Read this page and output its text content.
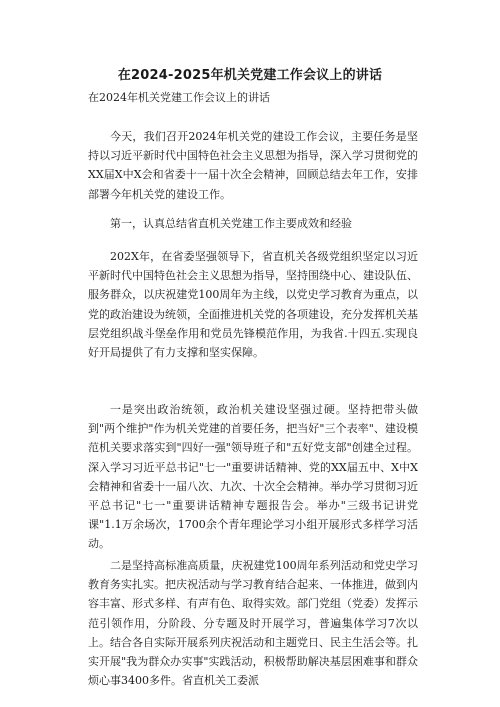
在2024-2025年机关党建工作会议上的讲话
在2024年机关党建工作会议上的讲话

今天，我们召开2024年机关党的建设工作会议，主要任务是坚持以习近平新时代中国特色社会主义思想为指导，深入学习贯彻党的XX届X中X会和省委十一届十次全会精神，回顾总结去年工作，安排部署今年机关党的建设工作。

第一，认真总结省直机关党建工作主要成效和经验

202X年，在省委坚强领导下，省直机关各级党组织坚定以习近平新时代中国特色社会主义思想为指导，坚持围绕中心、建设队伍、服务群众，以庆祝建党100周年为主线，以党史学习教育为重点，以党的政治建设为统领，全面推进机关党的各项建设，充分发挥机关基层党组织战斗堡垒作用和党员先锋模范作用，为我省.十四五.实现良好开局提供了有力支撑和坚实保障。

一是突出政治统领，政治机关建设坚强过硬。坚持把带头做到"两个维护"作为机关党建的首要任务，把当好"三个表率"、建设模范机关要求落实到"四好一强"领导班子和"五好党支部"创建全过程。深入学习习近平总书记"七一"重要讲话精神、党的XX届五中、X中X会精神和省委十一届八次、九次、十次全会精神。举办学习贯彻习近平总书记"七一"重要讲话精神专题报告会。举办"三级书记讲党课"1.1万余场次，1700余个青年理论学习小组开展形式多样学习活动。

二是坚持高标准高质量，庆祝建党100周年系列活动和党史学习教育务实扎实。把庆祝活动与学习教育结合起来、一体推进，做到内容丰富、形式多样、有声有色、取得实效。部门党组（党委）发挥示范引领作用，分阶段、分专题及时开展学习，普遍集体学习7次以上。结合各自实际开展系列庆祝活动和主题党日、民主生活会等。扎实开展"我为群众办实事"实践活动，积极帮助解决基层困难事和群众烦心事3400多件。省直机关工委派
